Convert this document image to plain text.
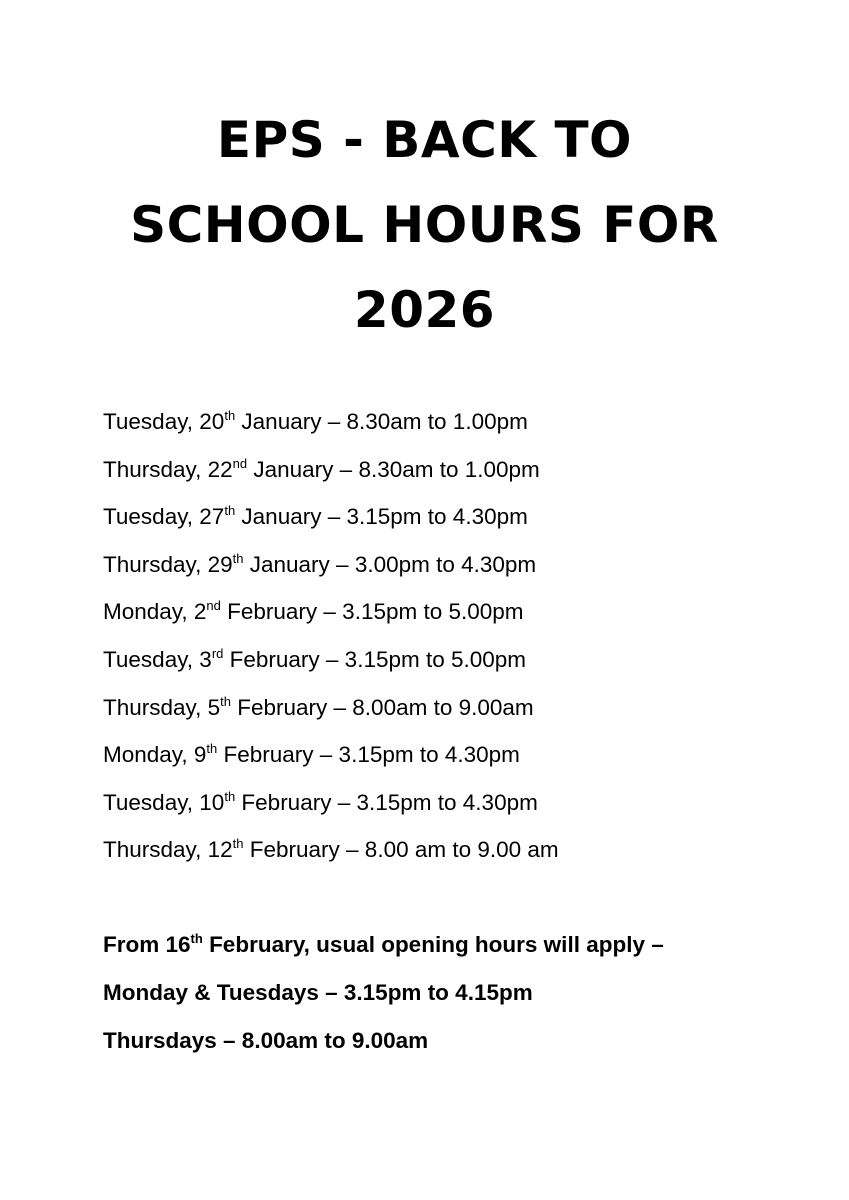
EPS - BACK TO
SCHOOL HOURS FOR
2026
Tuesday, 20th January – 8.30am to 1.00pm
Thursday, 22nd January – 8.30am to 1.00pm
Tuesday, 27th January – 3.15pm to 4.30pm
Thursday, 29th January – 3.00pm to 4.30pm
Monday, 2nd February – 3.15pm to 5.00pm
Tuesday, 3rd February – 3.15pm to 5.00pm
Thursday, 5th February – 8.00am to 9.00am
Monday, 9th February – 3.15pm to 4.30pm
Tuesday, 10th February – 3.15pm to 4.30pm
Thursday, 12th February – 8.00 am to 9.00 am
From 16th February, usual opening hours will apply –
Monday & Tuesdays – 3.15pm to 4.15pm
Thursdays – 8.00am to 9.00am
